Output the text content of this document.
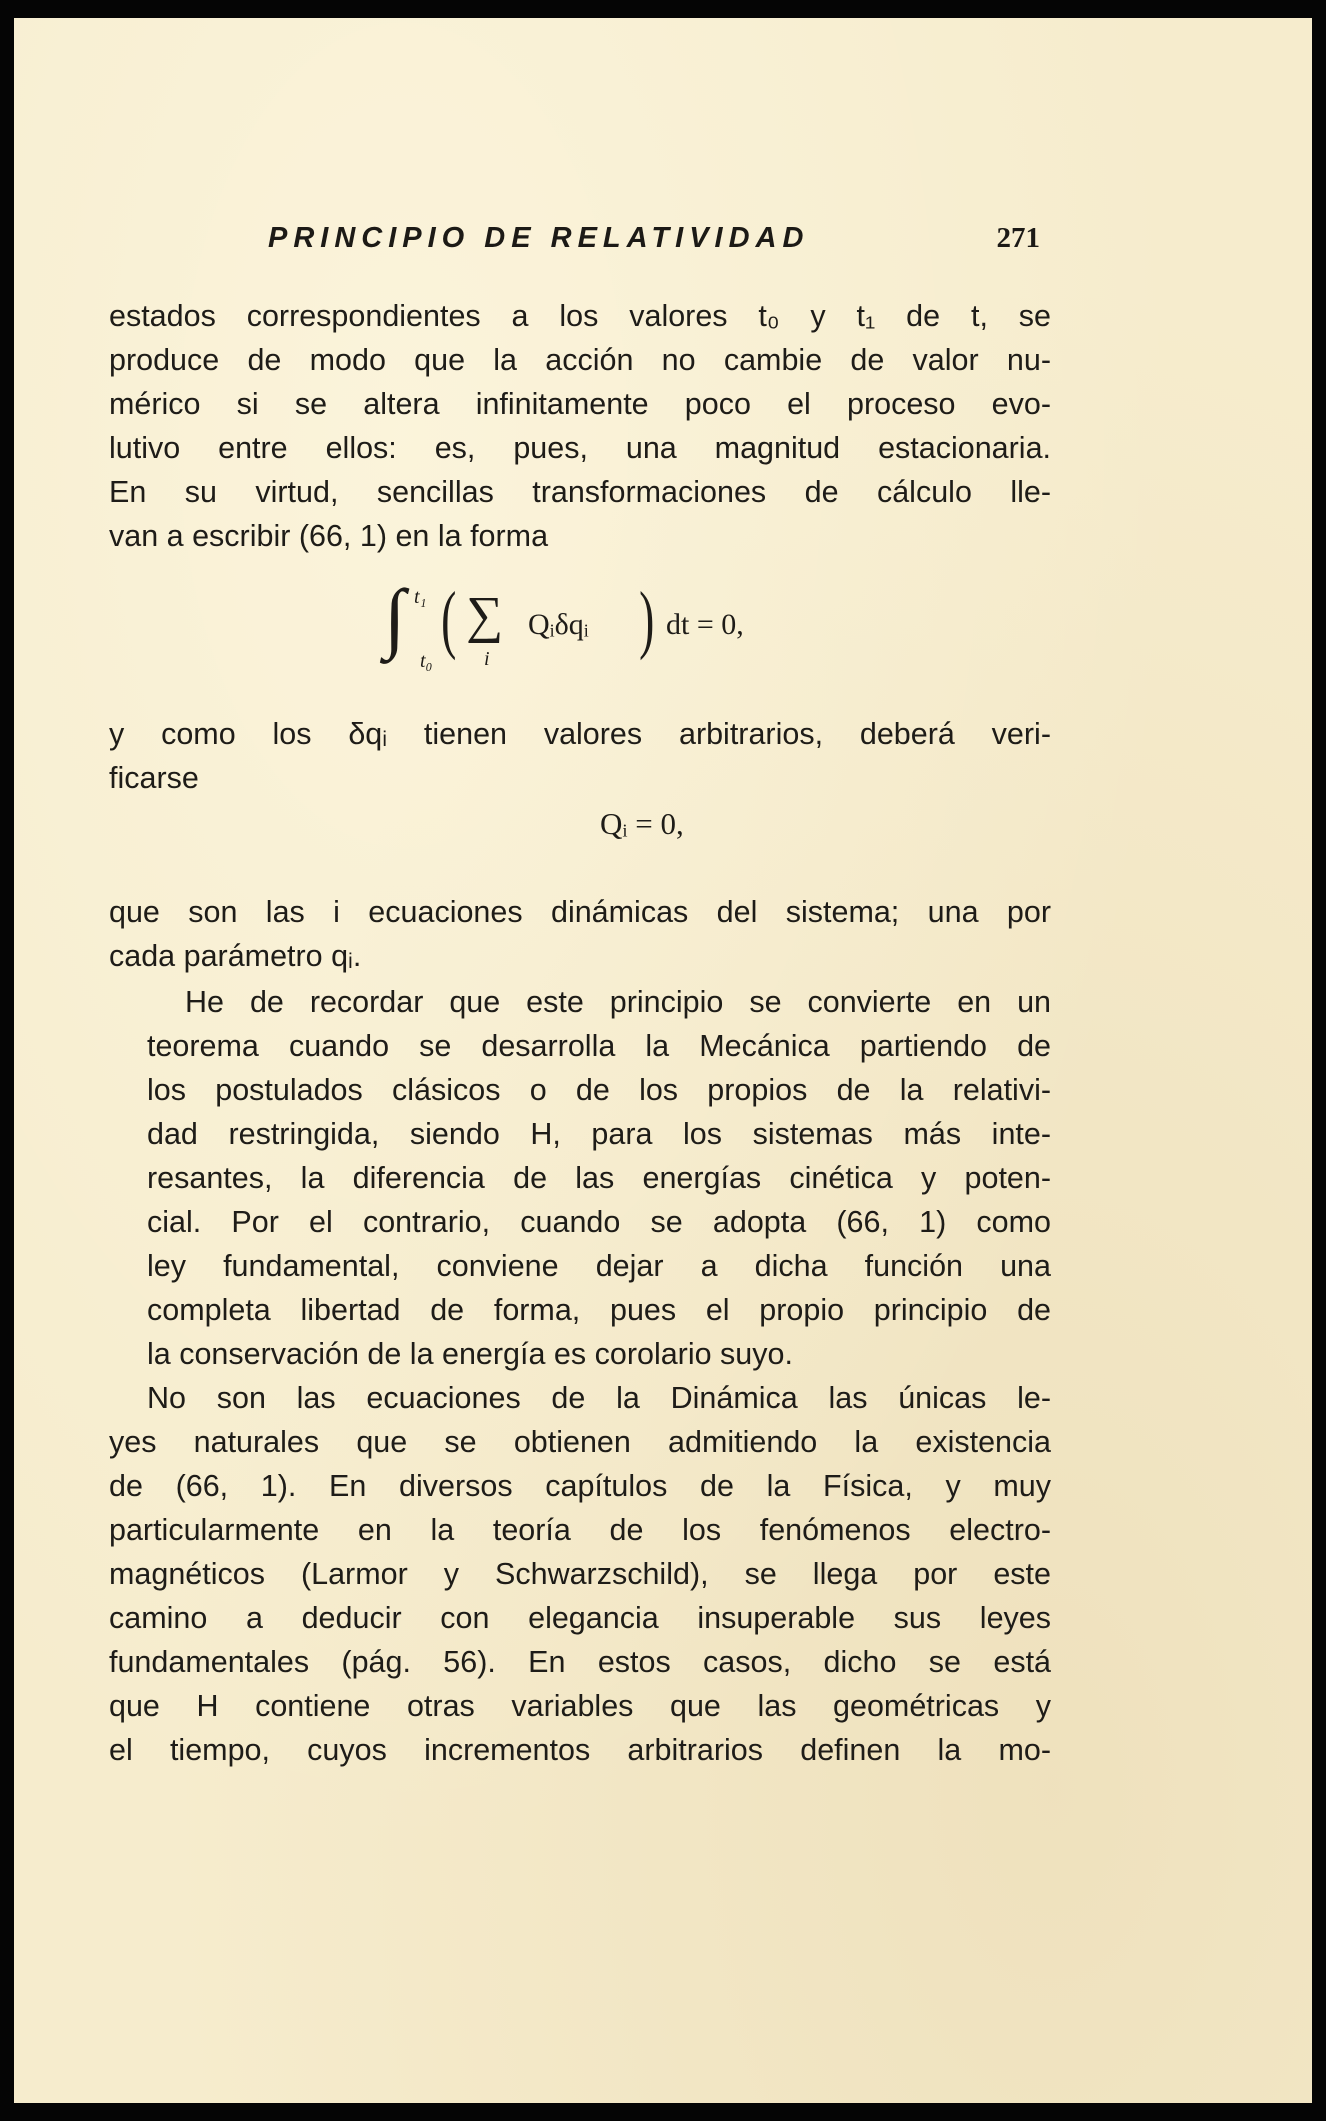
PRINCIPIO DE RELATIVIDAD	271
estados correspondientes a los valores t₀ y t₁ de t, se
produce de modo que la acción no cambie de valor nu-
mérico si se altera infinitamente poco el proceso evo-
lutivo entre ellos: es, pues, una magnitud estacionaria.
En su virtud, sencillas transformaciones de cálculo lle-
van a escribir (66, 1) en la forma
∫ t₁
t₀ ( ∑
i
Qᵢδqᵢ ) dt = 0,
y como los δqᵢ tienen valores arbitrarios, deberá veri-
ficarse
Qᵢ = 0,
que son las i ecuaciones dinámicas del sistema; una por
cada parámetro qᵢ.
He de recordar que este principio se convierte en un
teorema cuando se desarrolla la Mecánica partiendo de
los postulados clásicos o de los propios de la relativi-
dad restringida, siendo H, para los sistemas más inte-
resantes, la diferencia de las energías cinética y poten-
cial. Por el contrario, cuando se adopta (66, 1) como
ley fundamental, conviene dejar a dicha función una
completa libertad de forma, pues el propio principio de
la conservación de la energía es corolario suyo.
No son las ecuaciones de la Dinámica las únicas le-
yes naturales que se obtienen admitiendo la existencia
de (66, 1). En diversos capítulos de la Física, y muy
particularmente en la teoría de los fenómenos electro-
magnéticos (Larmor y Schwarzschild), se llega por este
camino a deducir con elegancia insuperable sus leyes
fundamentales (pág. 56). En estos casos, dicho se está
que H contiene otras variables que las geométricas y
el tiempo, cuyos incrementos arbitrarios definen la mo-
